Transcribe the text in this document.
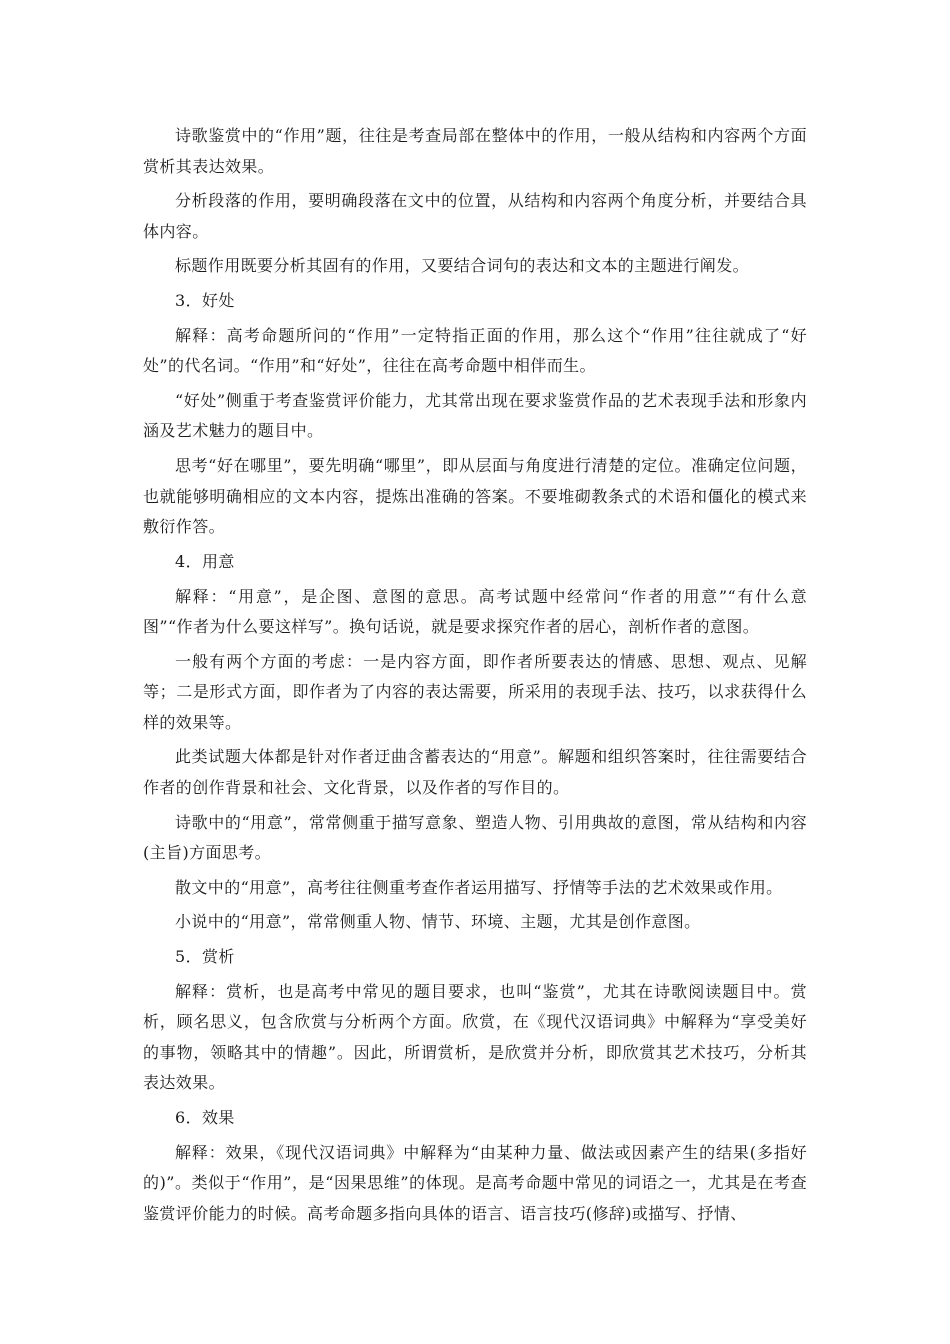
诗歌鉴赏中的“作用”题，往往是考查局部在整体中的作用，一般从结构和内容两个方面赏析其表达效果。

分析段落的作用，要明确段落在文中的位置，从结构和内容两个角度分析，并要结合具体内容。

标题作用既要分析其固有的作用，又要结合词句的表达和文本的主题进行阐发。

3．好处

解释：高考命题所问的“作用”一定特指正面的作用，那么这个“作用”往往就成了“好处”的代名词。“作用”和“好处”，往往在高考命题中相伴而生。

“好处”侧重于考查鉴赏评价能力，尤其常出现在要求鉴赏作品的艺术表现手法和形象内涵及艺术魅力的题目中。

思考“好在哪里”，要先明确“哪里”，即从层面与角度进行清楚的定位。准确定位问题，也就能够明确相应的文本内容，提炼出准确的答案。不要堆砌教条式的术语和僵化的模式来敷衍作答。

4．用意

解释：“用意”，是企图、意图的意思。高考试题中经常问“作者的用意”“有什么意图”“作者为什么要这样写”。换句话说，就是要求探究作者的居心，剖析作者的意图。

一般有两个方面的考虑：一是内容方面，即作者所要表达的情感、思想、观点、见解等；二是形式方面，即作者为了内容的表达需要，所采用的表现手法、技巧，以求获得什么样的效果等。

此类试题大体都是针对作者迂曲含蓄表达的“用意”。解题和组织答案时，往往需要结合作者的创作背景和社会、文化背景，以及作者的写作目的。

诗歌中的“用意”，常常侧重于描写意象、塑造人物、引用典故的意图，常从结构和内容(主旨)方面思考。

散文中的“用意”，高考往往侧重考查作者运用描写、抒情等手法的艺术效果或作用。

小说中的“用意”，常常侧重人物、情节、环境、主题，尤其是创作意图。

5．赏析

解释：赏析，也是高考中常见的题目要求，也叫“鉴赏”，尤其在诗歌阅读题目中。赏析，顾名思义，包含欣赏与分析两个方面。欣赏，在《现代汉语词典》中解释为“享受美好的事物，领略其中的情趣”。因此，所谓赏析，是欣赏并分析，即欣赏其艺术技巧，分析其表达效果。

6．效果

解释：效果，《现代汉语词典》中解释为“由某种力量、做法或因素产生的结果(多指好的)”。类似于“作用”，是“因果思维”的体现。是高考命题中常见的词语之一，尤其是在考查鉴赏评价能力的时候。高考命题多指向具体的语言、语言技巧(修辞)或描写、抒情、
